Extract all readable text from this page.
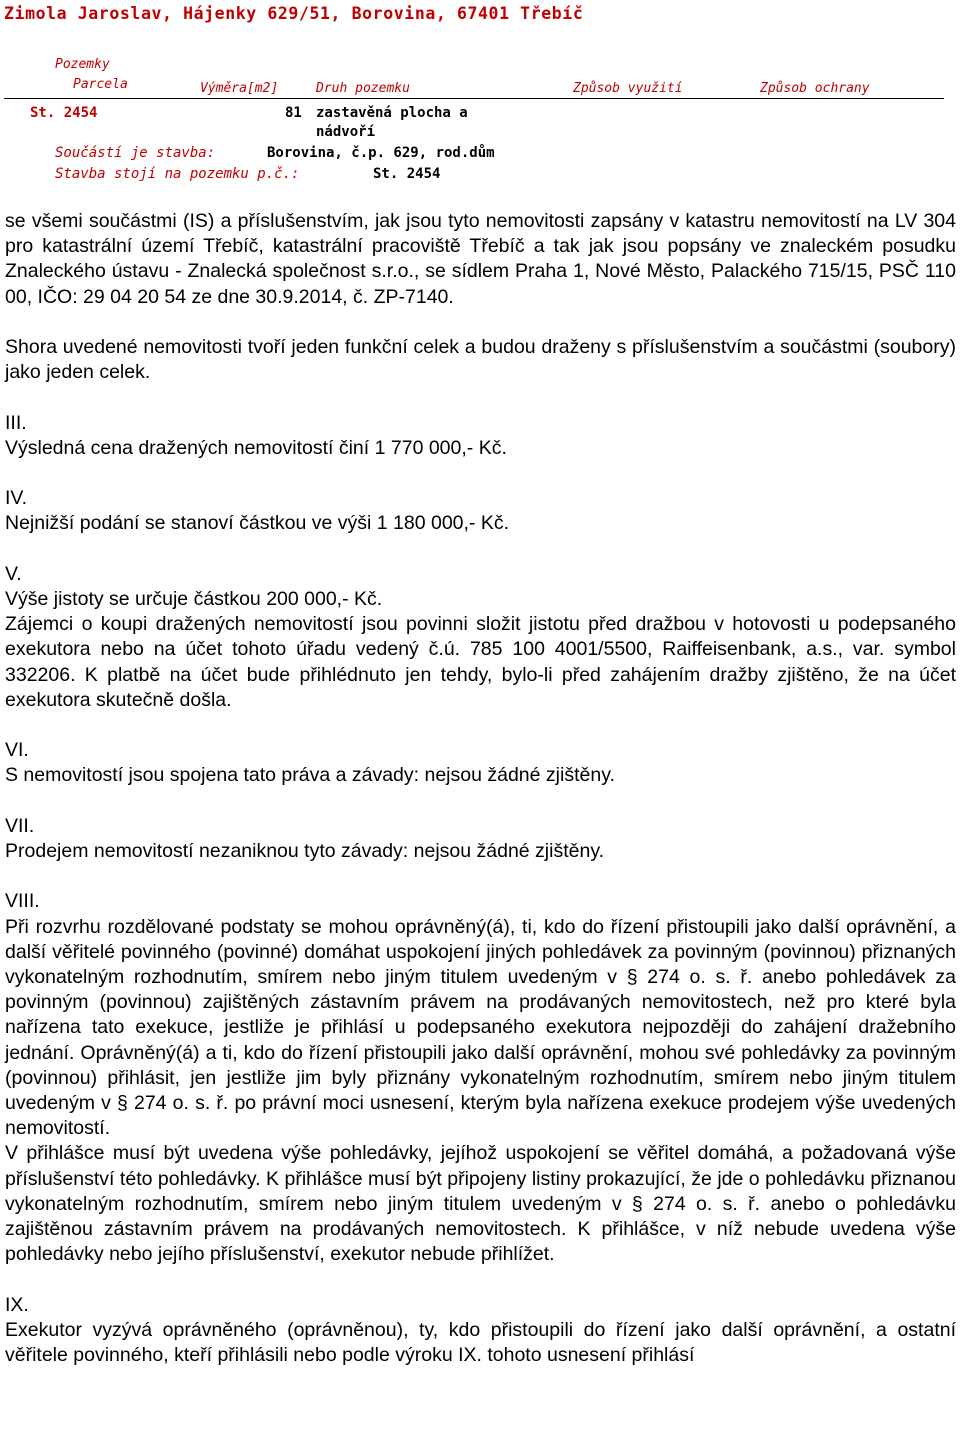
Zimola Jaroslav, Hájenky 629/51, Borovina, 67401 Třebíč
Pozemky
Parcela	Výměra[m2]	Druh pozemku	Způsob využití	Způsob ochrany
St. 2454	81 zastavěná plocha a
nádvoří
Součástí je stavba:	Borovina, č.p. 629, rod.dům
Stavba stojí na pozemku p.č.:	St. 2454

se všemi součástmi (IS) a příslušenstvím, jak jsou tyto nemovitosti zapsány v katastru nemovitostí na LV 304 pro katastrální území Třebíč, katastrální pracoviště Třebíč a tak jak jsou popsány ve znaleckém posudku Znaleckého ústavu - Znalecká společnost s.r.o., se sídlem Praha 1, Nové Město, Palackého 715/15, PSČ 110 00, IČO: 29 04 20 54 ze dne 30.9.2014, č. ZP-7140.

Shora uvedené nemovitosti tvoří jeden funkční celek a budou draženy s příslušenstvím a součástmi (soubory) jako jeden celek.

III.

Výsledná cena dražených nemovitostí činí 1 770 000,- Kč.

IV.

Nejnižší podání se stanoví částkou ve výši 1 180 000,- Kč.

V.

Výše jistoty se určuje částkou 200 000,- Kč.

Zájemci o koupi dražených nemovitostí jsou povinni složit jistotu před dražbou v hotovosti u podepsaného exekutora nebo na účet tohoto úřadu vedený č.ú. 785 100 4001/5500, Raiffeisenbank, a.s., var. symbol 332206. K platbě na účet bude přihlédnuto jen tehdy, bylo-li před zahájením dražby zjištěno, že na účet exekutora skutečně došla.

VI.

S nemovitostí jsou spojena tato práva a závady: nejsou žádné zjištěny.

VII.

Prodejem nemovitostí nezaniknou tyto závady: nejsou žádné zjištěny.

VIII.

Při rozvrhu rozdělované podstaty se mohou oprávněný(á), ti, kdo do řízení přistoupili jako další oprávnění, a další věřitelé povinného (povinné) domáhat uspokojení jiných pohledávek za povinným (povinnou) přiznaných vykonatelným rozhodnutím, smírem nebo jiným titulem uvedeným v § 274 o. s. ř. anebo pohledávek za povinným (povinnou) zajištěných zástavním právem na prodávaných nemovitostech, než pro které byla nařízena tato exekuce, jestliže je přihlásí u podepsaného exekutora nejpozději do zahájení dražebního jednání. Oprávněný(á) a ti, kdo do řízení přistoupili jako další oprávnění, mohou své pohledávky za povinným (povinnou) přihlásit, jen jestliže jim byly přiznány vykonatelným rozhodnutím, smírem nebo jiným titulem uvedeným v § 274 o. s. ř. po právní moci usnesení, kterým byla nařízena exekuce prodejem výše uvedených nemovitostí.

V přihlášce musí být uvedena výše pohledávky, jejíhož uspokojení se věřitel domáhá, a požadovaná výše příslušenství této pohledávky. K přihlášce musí být připojeny listiny prokazující, že jde o pohledávku přiznanou vykonatelným rozhodnutím, smírem nebo jiným titulem uvedeným v § 274 o. s. ř. anebo o pohledávku zajištěnou zástavním právem na prodávaných nemovitostech. K přihlášce, v níž nebude uvedena výše pohledávky nebo jejího příslušenství, exekutor nebude přihlížet.

IX.

Exekutor vyzývá oprávněného (oprávněnou), ty, kdo přistoupili do řízení jako další oprávnění, a ostatní věřitele povinného, kteří přihlásili nebo podle výroku IX. tohoto usnesení přihlásí
